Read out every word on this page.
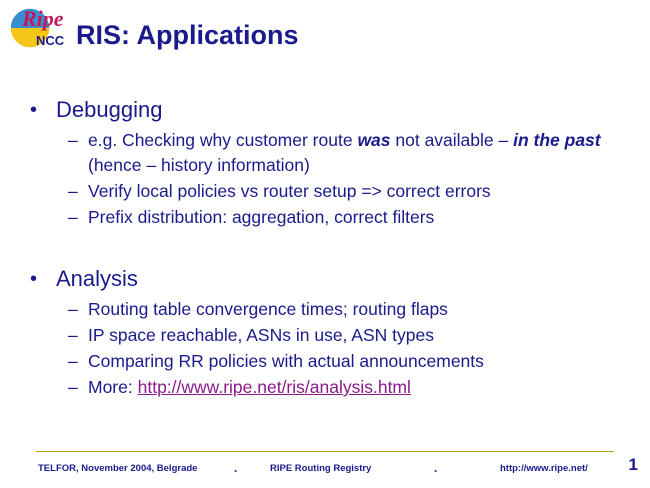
Ripe
NCC RIS: Applications
• Debugging
– e.g. Checking why customer route was not available – in the past (hence – history information)
– Verify local policies vs router setup => correct errors
– Prefix distribution: aggregation, correct filters
• Analysis
– Routing table convergence times; routing flaps
– IP space reachable, ASNs in use, ASN types
– Comparing RR policies with actual announcements
– More: http://www.ripe.net/ris/analysis.html
TELFOR, November 2004, Belgrade	.	RIPE Routing Registry	.	http://www.ripe.net/ 1
